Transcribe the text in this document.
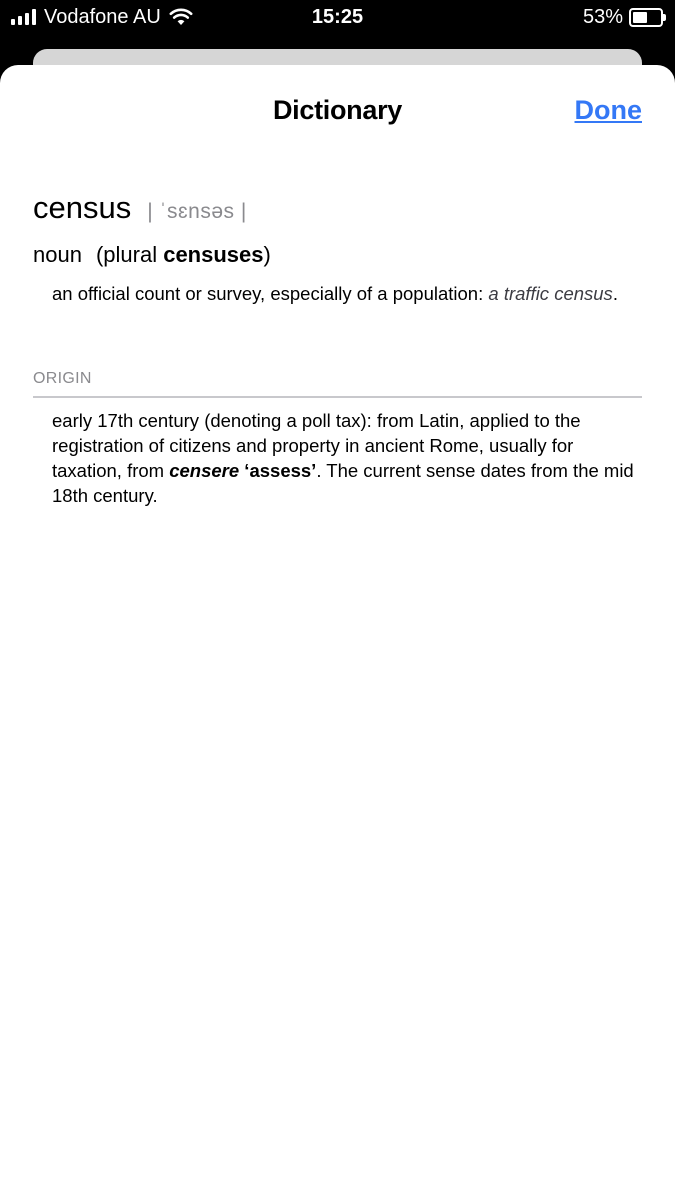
Vodafone AU	15:25	53%
Dictionary	Done
census | ˈsɛnsəs |
noun (plural censuses)
an official count or survey, especially of a population: a traffic census.
ORIGIN
early 17th century (denoting a poll tax): from Latin, applied to the registration of citizens and property in ancient Rome, usually for taxation, from censere ‘assess’. The current sense dates from the mid 18th century.
